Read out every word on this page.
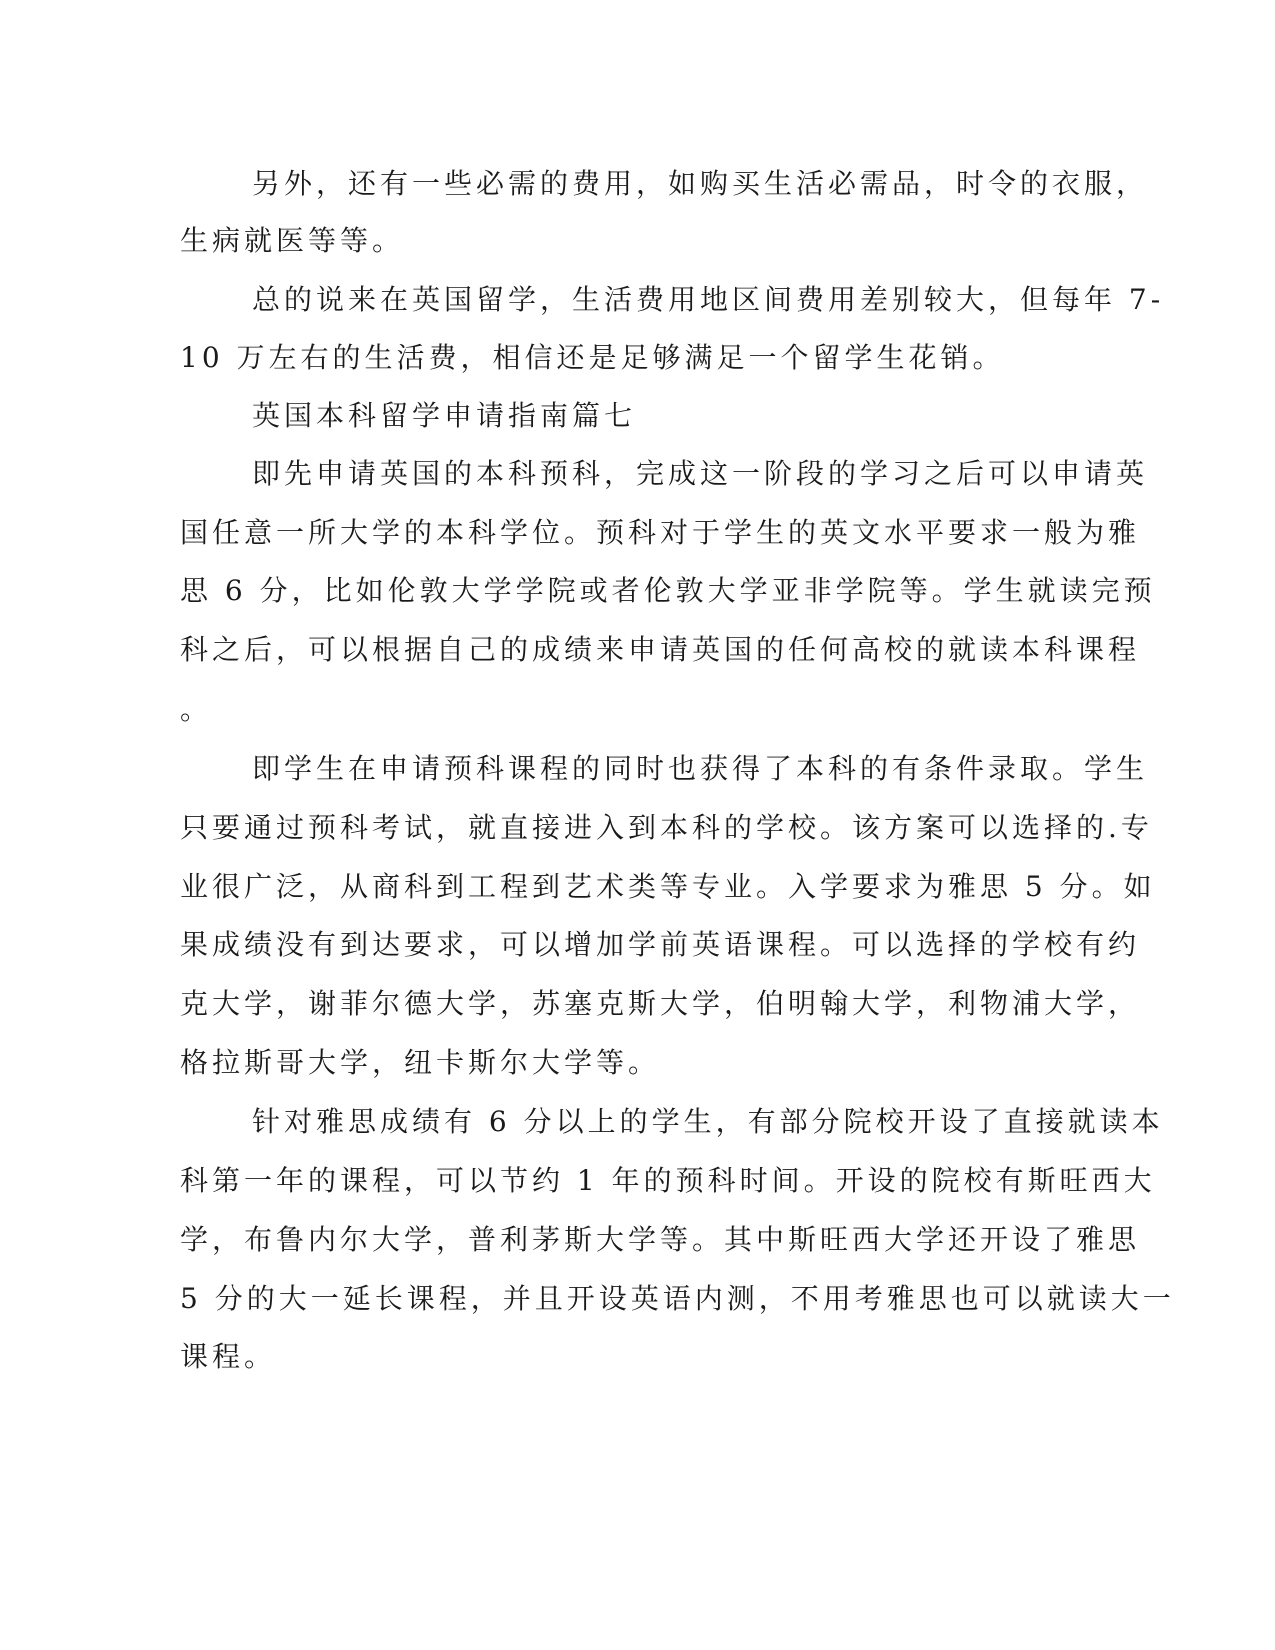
另外，还有一些必需的费用，如购买生活必需品，时令的衣服，
生病就医等等。
总的说来在英国留学，生活费用地区间费用差别较大，但每年 7-
10 万左右的生活费，相信还是足够满足一个留学生花销。
英国本科留学申请指南篇七
即先申请英国的本科预科，完成这一阶段的学习之后可以申请英
国任意一所大学的本科学位。预科对于学生的英文水平要求一般为雅
思 6 分，比如伦敦大学学院或者伦敦大学亚非学院等。学生就读完预
科之后，可以根据自己的成绩来申请英国的任何高校的就读本科课程
。
即学生在申请预科课程的同时也获得了本科的有条件录取。学生
只要通过预科考试，就直接进入到本科的学校。该方案可以选择的.专
业很广泛，从商科到工程到艺术类等专业。入学要求为雅思 5 分。如
果成绩没有到达要求，可以增加学前英语课程。可以选择的学校有约
克大学，谢菲尔德大学，苏塞克斯大学，伯明翰大学，利物浦大学，
格拉斯哥大学，纽卡斯尔大学等。
针对雅思成绩有 6 分以上的学生，有部分院校开设了直接就读本
科第一年的课程，可以节约 1 年的预科时间。开设的院校有斯旺西大
学，布鲁内尔大学，普利茅斯大学等。其中斯旺西大学还开设了雅思
5 分的大一延长课程，并且开设英语内测，不用考雅思也可以就读大一
课程。
